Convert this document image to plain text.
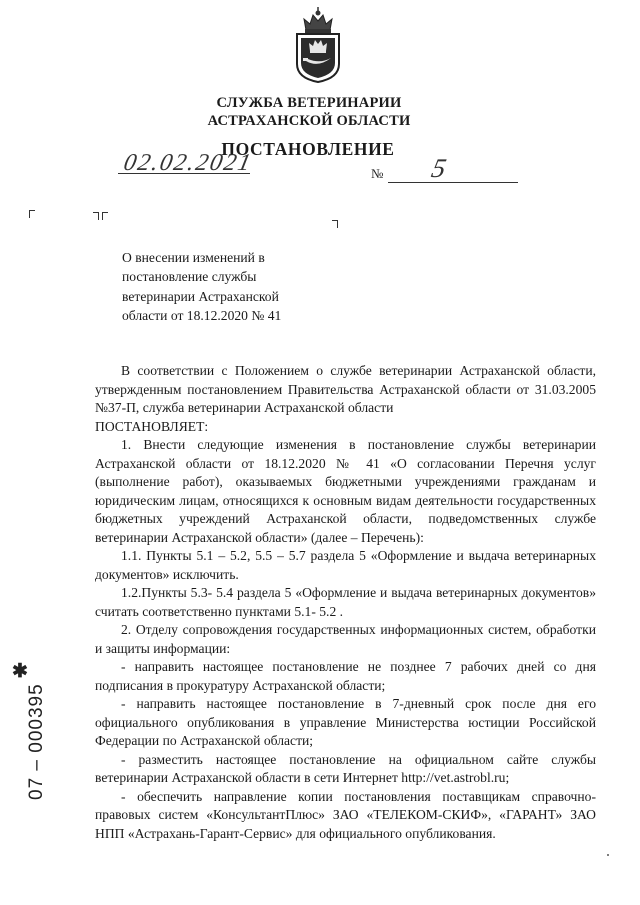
СЛУЖБА ВЕТЕРИНАРИИ
АСТРАХАНСКОЙ ОБЛАСТИ
ПОСТАНОВЛЕНИЕ
02.02.2021	№ 5
О внесении изменений в
постановление службы
ветеринарии Астраханской
области от 18.12.2020 № 41

В соответствии с Положением о службе ветеринарии Астраханской области, утвержденным постановлением Правительства Астраханской области от 31.03.2005 №37-П, служба ветеринарии Астраханской области

ПОСТАНОВЛЯЕТ:

1. Внести следующие изменения в постановление службы ветеринарии Астраханской области от 18.12.2020 № 41 «О согласовании Перечня услуг (выполнение работ), оказываемых бюджетными учреждениями гражданам и юридическим лицам, относящихся к основным видам деятельности государственных бюджетных учреждений Астраханской области, подведомственных службе ветеринарии Астраханской области» (далее – Перечень):

1.1. Пункты 5.1 – 5.2, 5.5 – 5.7 раздела 5 «Оформление и выдача ветеринарных документов» исключить.

1.2.Пункты 5.3- 5.4 раздела 5 «Оформление и выдача ветеринарных документов» считать соответственно пунктами 5.1- 5.2 .

2. Отделу сопровождения государственных информационных систем, обработки и защиты информации:

- направить настоящее постановление не позднее 7 рабочих дней со дня подписания в прокуратуру Астраханской области;

- направить настоящее постановление в 7-дневный срок после дня его официального опубликования в управление Министерства юстиции Российской Федерации по Астраханской области;

- разместить настоящее постановление на официальном сайте службы ветеринарии Астраханской области в сети Интернет http://vet.astrobl.ru;

- обеспечить направление копии постановления поставщикам справочно-правовых систем «КонсультантПлюс» ЗАО «ТЕЛЕКОМ-СКИФ», «ГАРАНТ» ЗАО НПП «Астрахань-Гарант-Сервис» для официального опубликования.

✱
07 – 000395
